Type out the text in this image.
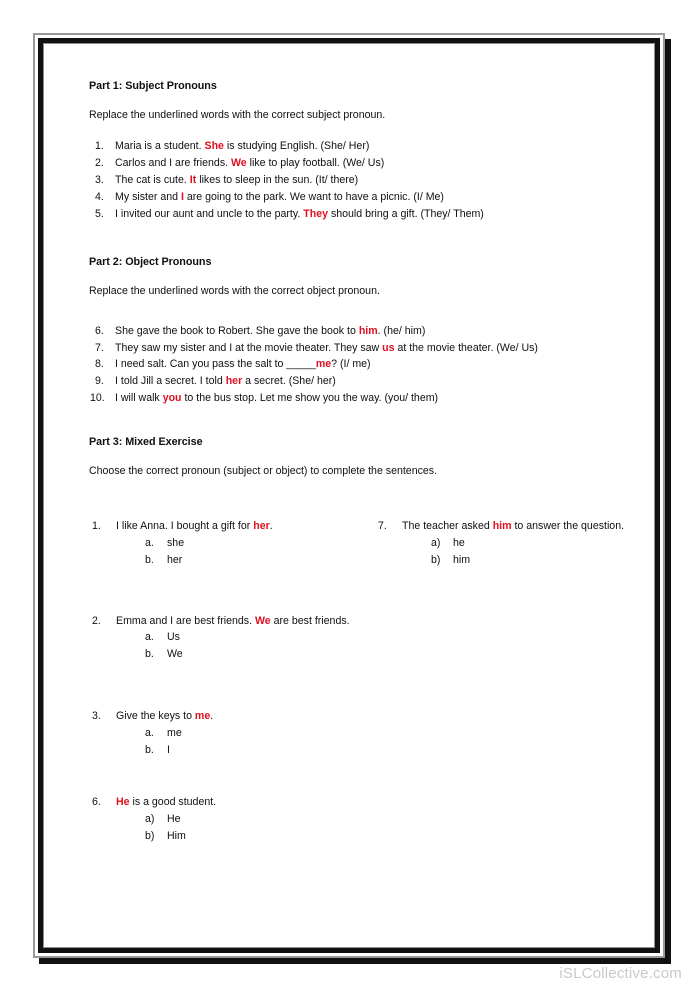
Part 1: Subject Pronouns
Replace the underlined words with the correct subject pronoun.
1.	Maria is a student. She is studying English. (She/ Her)
2.	Carlos and I are friends. We like to play football. (We/ Us)
3.	The cat is cute. It likes to sleep in the sun. (It/ there)
4.	My sister and I are going to the park. We want to have a picnic. (I/ Me)
5.	I invited our aunt and uncle to the party. They should bring a gift. (They/ Them)
Part 2: Object Pronouns
Replace the underlined words with the correct object pronoun.
6.	She gave the book to Robert. She gave the book to him. (he/ him)
7.	They saw my sister and I at the movie theater. They saw us at the movie theater. (We/ Us)
8.	I need salt. Can you pass the salt to _____me? (I/ me)
9.	I told Jill a secret. I told her a secret. (She/ her)
10. I will walk you to the bus stop. Let me show you the way. (you/ them)
Part 3: Mixed Exercise
Choose the correct pronoun (subject or object) to complete the sentences.
1.	I like Anna. I bought a gift for her.
a.	she
b.	her
2.	Emma and I are best friends. We are best friends.
a.	Us
b.	We
3.	Give the keys to me.
a.	me
b.	I
6.	He is a good student.
a)	He
b)	Him
7.	The teacher asked him to answer the question.
a)	he
b)	him
iSLCollective.com
